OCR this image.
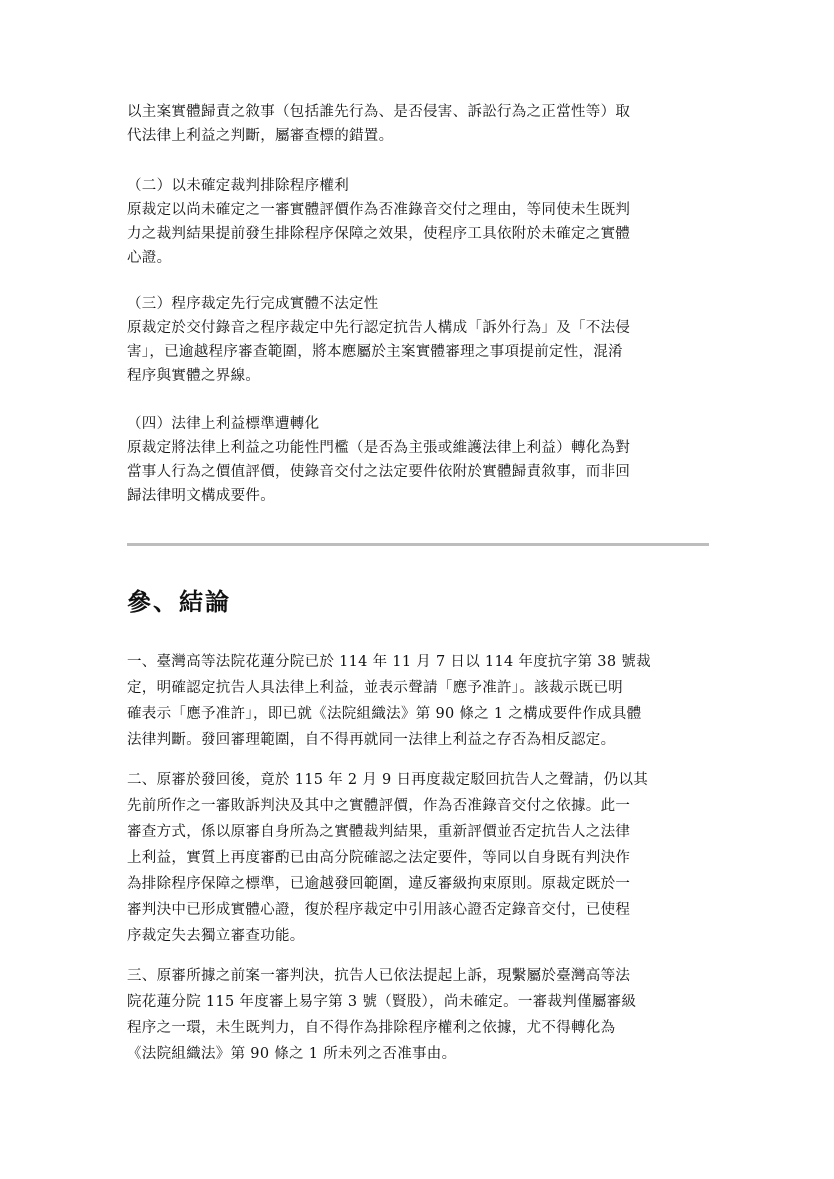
以主案實體歸責之敘事（包括誰先行為、是否侵害、訴訟行為之正當性等）取
代法律上利益之判斷，屬審查標的錯置。
（二）以未確定裁判排除程序權利
原裁定以尚未確定之一審實體評價作為否准錄音交付之理由，等同使未生既判
力之裁判結果提前發生排除程序保障之效果，使程序工具依附於未確定之實體
心證。
（三）程序裁定先行完成實體不法定性
原裁定於交付錄音之程序裁定中先行認定抗告人構成「訴外行為」及「不法侵
害」，已逾越程序審查範圍，將本應屬於主案實體審理之事項提前定性，混淆
程序與實體之界線。
（四）法律上利益標準遭轉化
原裁定將法律上利益之功能性門檻（是否為主張或維護法律上利益）轉化為對
當事人行為之價值評價，使錄音交付之法定要件依附於實體歸責敘事，而非回
歸法律明文構成要件。
參、結論
一、臺灣高等法院花蓮分院已於 114 年 11 月 7 日以 114 年度抗字第 38 號裁
定，明確認定抗告人具法律上利益，並表示聲請「應予准許」。該裁示既已明
確表示「應予准許」，即已就《法院組織法》第 90 條之 1 之構成要件作成具體
法律判斷。發回審理範圍，自不得再就同一法律上利益之存否為相反認定。
二、原審於發回後，竟於 115 年 2 月 9 日再度裁定駁回抗告人之聲請，仍以其
先前所作之一審敗訴判決及其中之實體評價，作為否准錄音交付之依據。此一
審查方式，係以原審自身所為之實體裁判結果，重新評價並否定抗告人之法律
上利益，實質上再度審酌已由高分院確認之法定要件，等同以自身既有判決作
為排除程序保障之標準，已逾越發回範圍，違反審級拘束原則。原裁定既於一
審判決中已形成實體心證，復於程序裁定中引用該心證否定錄音交付，已使程
序裁定失去獨立審查功能。
三、原審所據之前案一審判決，抗告人已依法提起上訴，現繫屬於臺灣高等法
院花蓮分院 115 年度審上易字第 3 號（賢股），尚未確定。一審裁判僅屬審級
程序之一環，未生既判力，自不得作為排除程序權利之依據，尤不得轉化為
《法院組織法》第 90 條之 1 所未列之否准事由。
